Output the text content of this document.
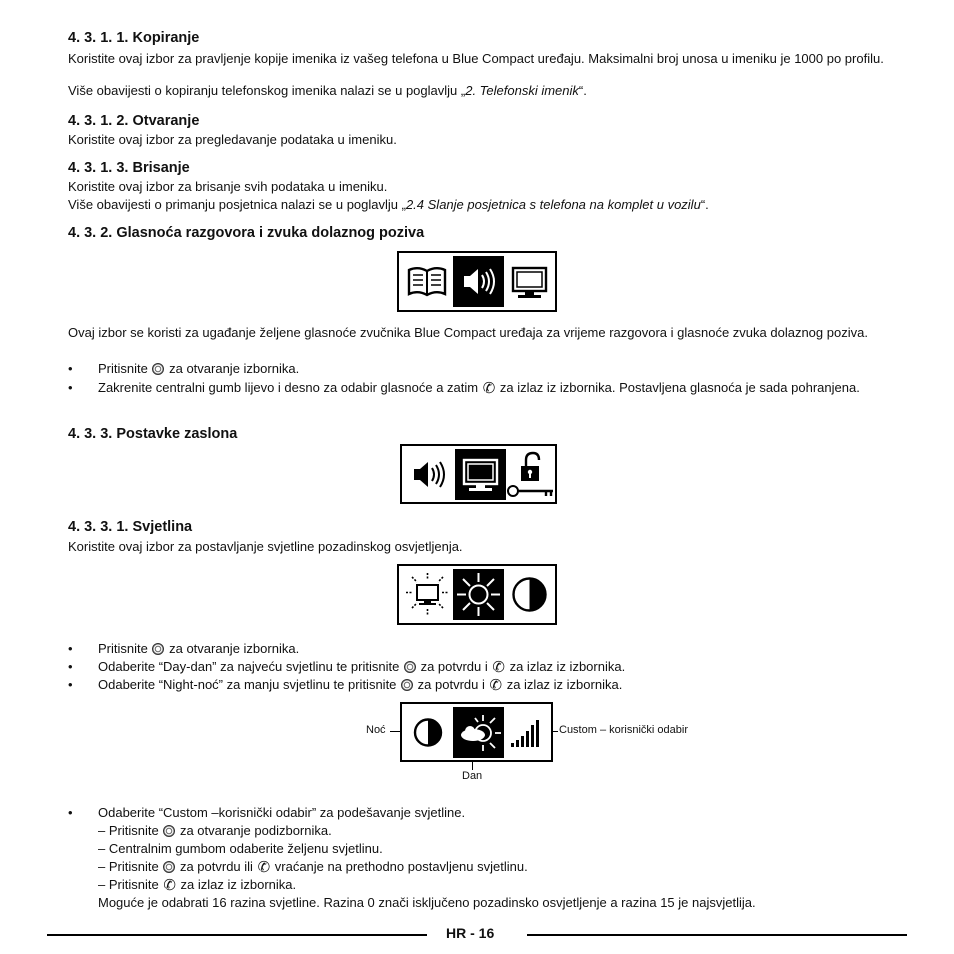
4. 3. 1. 1. Kopiranje
Koristite ovaj izbor za pravljenje kopije imenika iz vašeg telefona u Blue Compact uređaju. Maksimalni broj unosa u imeniku je 1000 po profilu.
Više obavijesti o kopiranju telefonskog imenika nalazi se u poglavlju „2. Telefonski imenik“.
4. 3. 1. 2. Otvaranje
Koristite ovaj izbor za pregledavanje podataka u imeniku.
4. 3. 1. 3. Brisanje
Koristite ovaj izbor za brisanje svih podataka u imeniku.
Više obavijesti o primanju posjetnica nalazi se u poglavlju „2.4 Slanje posjetnica s telefona na komplet u vozilu“.
4. 3. 2. Glasnoća razgovora i zvuka dolaznog poziva
Ovaj izbor se koristi za ugađanje željene glasnoće zvučnika Blue Compact uređaja za vrijeme razgovora i glasnoće zvuka dolaznog poziva.
• Pritisnite za otvaranje izbornika.
• Zakrenite centralni gumb lijevo i desno za odabir glasnoće a zatim ✆ za izlaz iz izbornika. Postavljena glasnoća je sada pohranjena.
4. 3. 3. Postavke zaslona
4. 3. 3. 1. Svjetlina
Koristite ovaj izbor za postavljanje svjetline pozadinskog osvjetljenja.
• Pritisnite za otvaranje izbornika.
• Odaberite “Day-dan” za najveću svjetlinu te pritisnite za potvrdu i ✆ za izlaz iz izbornika.
• Odaberite “Night-noć” za manju svjetlinu te pritisnite za potvrdu i ✆ za izlaz iz izbornika.
Noć	Custom – korisnički odabir
Dan
• Odaberite “Custom –korisnički odabir” za podešavanje svjetline.
– Pritisnite za otvaranje podizbornika.
– Centralnim gumbom odaberite željenu svjetlinu.
– Pritisnite za potvrdu ili ✆ vraćanje na prethodno postavljenu svjetlinu.
– Pritisnite ✆ za izlaz iz izbornika.
Moguće je odabrati 16 razina svjetline. Razina 0 znači isključeno pozadinsko osvjetljenje a razina 15 je najsvjetlija.
HR - 16
